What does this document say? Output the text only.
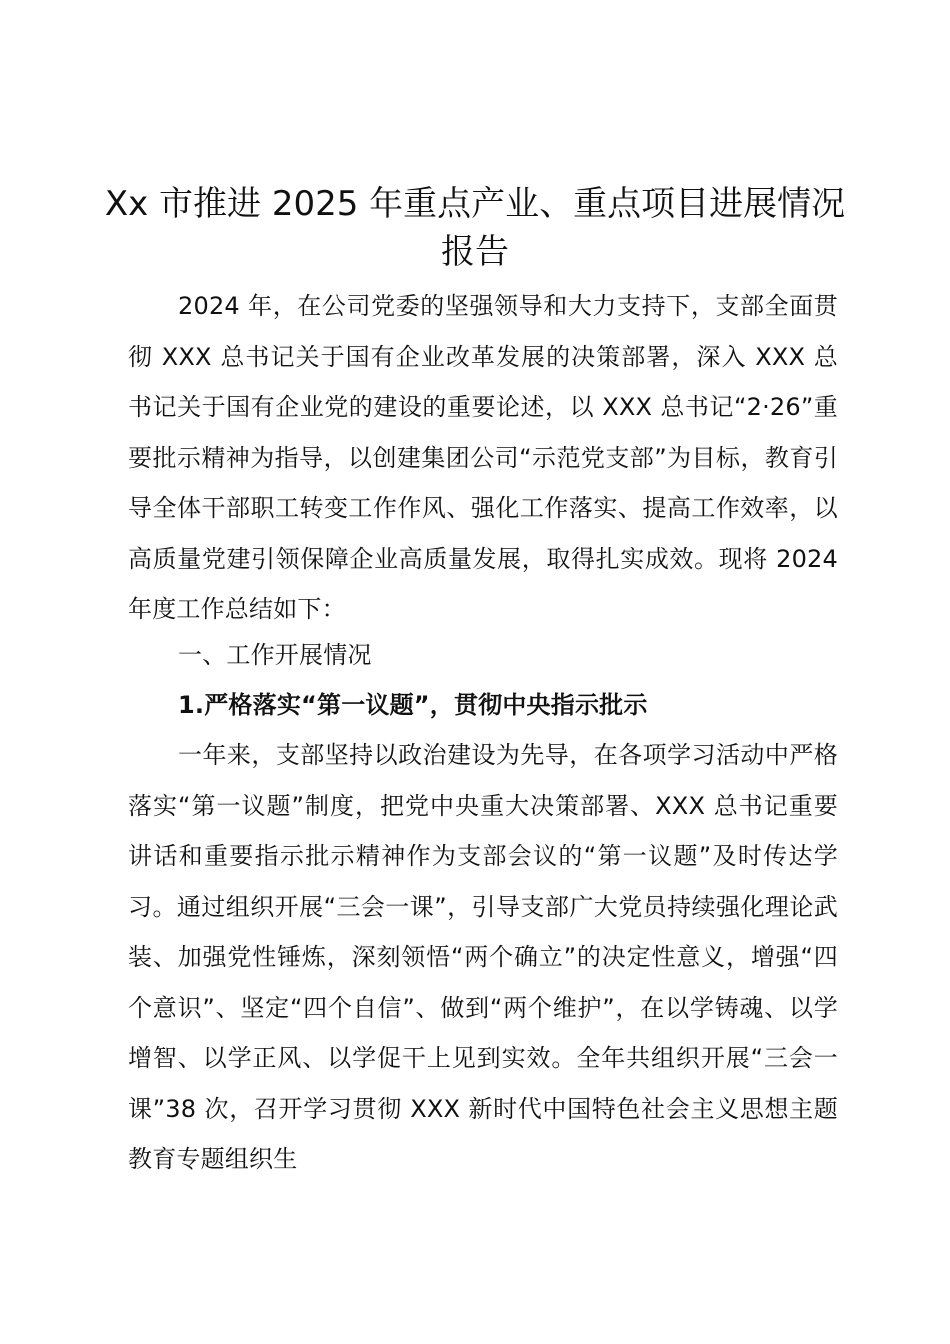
Xx 市推进 2025 年重点产业、重点项目进展情况报告

2024 年，在公司党委的坚强领导和大力支持下，支部全面贯彻 XXX 总书记关于国有企业改革发展的决策部署，深入 XXX 总书记关于国有企业党的建设的重要论述，以 XXX 总书记“2·26”重要批示精神为指导，以创建集团公司“示范党支部”为目标，教育引导全体干部职工转变工作作风、强化工作落实、提高工作效率，以高质量党建引领保障企业高质量发展，取得扎实成效。现将 2024 年度工作总结如下：

一、工作开展情况

1.严格落实“第一议题”，贯彻中央指示批示

一年来，支部坚持以政治建设为先导，在各项学习活动中严格落实“第一议题”制度，把党中央重大决策部署、XXX 总书记重要讲话和重要指示批示精神作为支部会议的“第一议题”及时传达学习。通过组织开展“三会一课”，引导支部广大党员持续强化理论武装、加强党性锤炼，深刻领悟“两个确立”的决定性意义，增强“四个意识”、坚定“四个自信”、做到“两个维护”，在以学铸魂、以学增智、以学正风、以学促干上见到实效。全年共组织开展“三会一课”38 次，召开学习贯彻 XXX 新时代中国特色社会主义思想主题教育专题组织生
